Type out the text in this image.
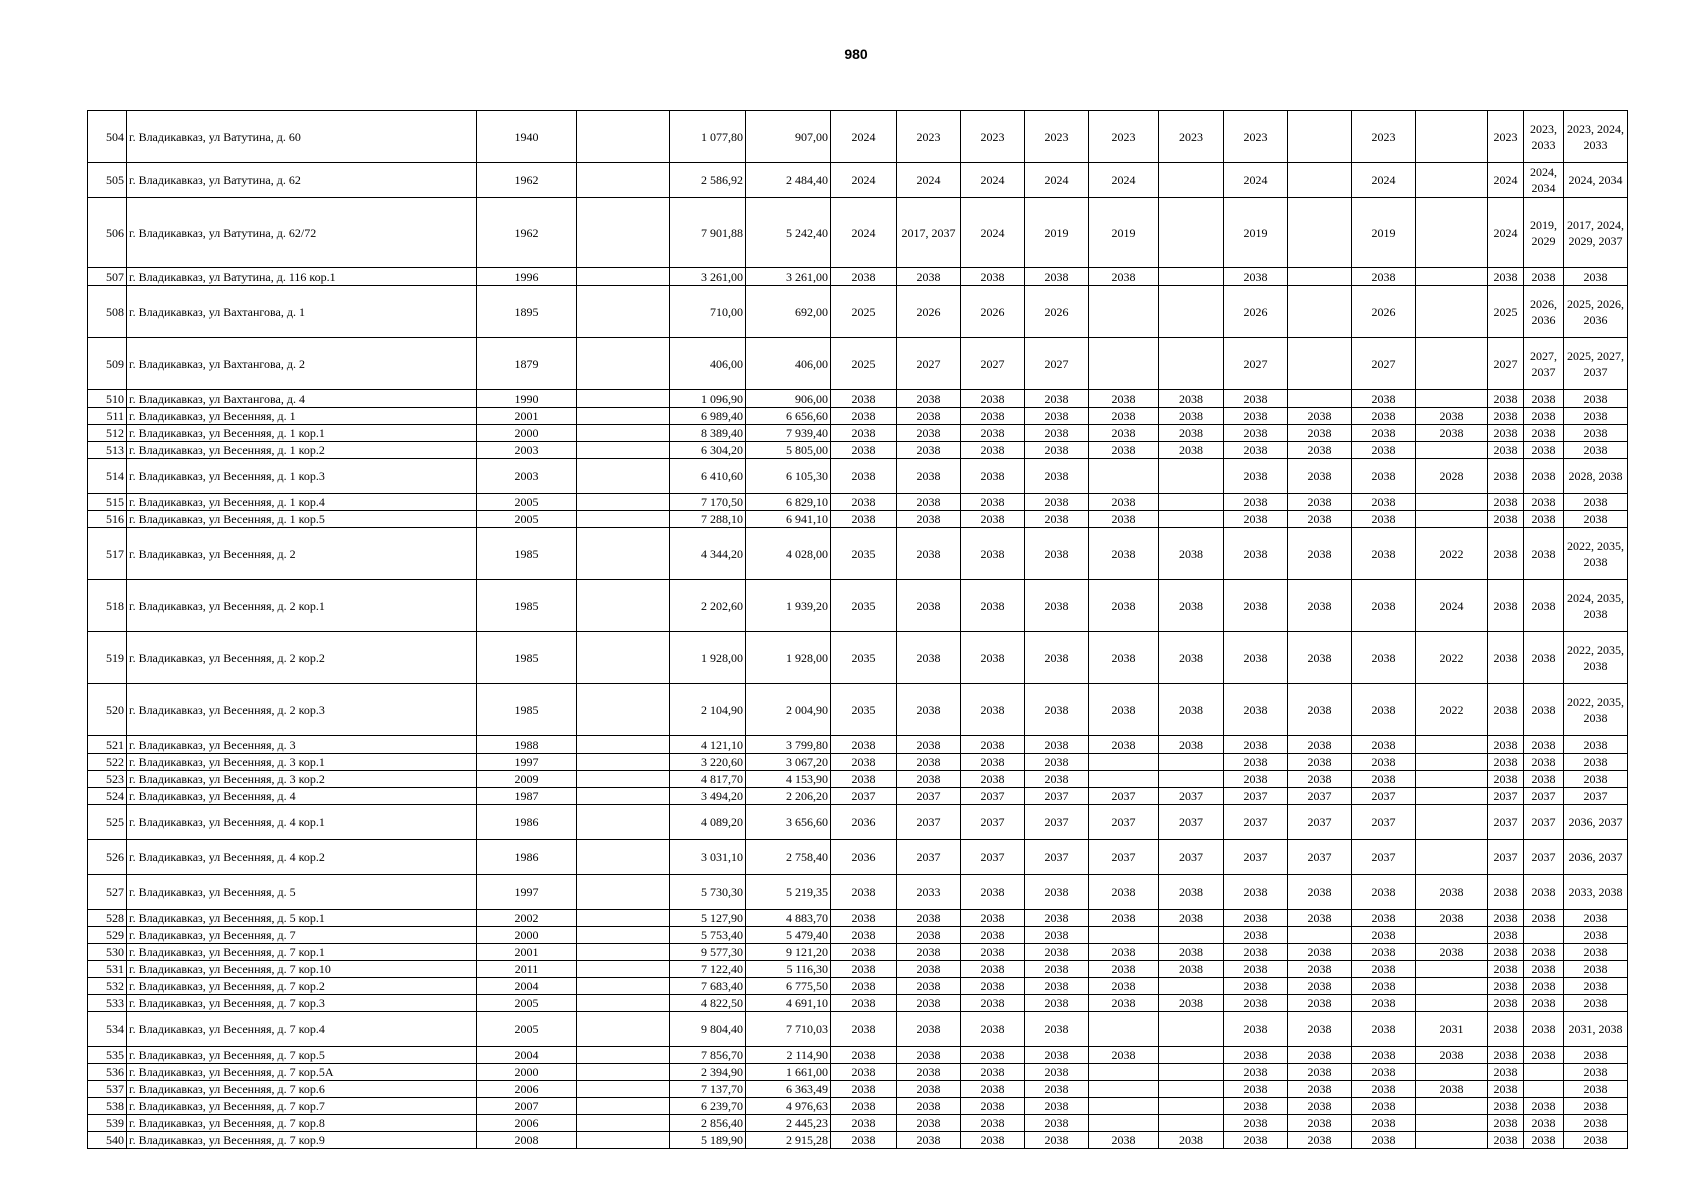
980
504	г. Владикавказ, ул Ватутина, д. 60	1940		1 077,80	907,00	2024	2023	2023	2023	2023	2023	2023		2023		2023	2023, 2033	2023, 2024, 2033
505	г. Владикавказ, ул Ватутина, д. 62	1962		2 586,92	2 484,40	2024	2024	2024	2024	2024		2024		2024		2024	2024, 2034	2024, 2034
506	г. Владикавказ, ул Ватутина, д. 62/72	1962		7 901,88	5 242,40	2024	2017, 2037	2024	2019	2019		2019		2019		2024	2019, 2029	2017, 2024, 2029, 2037
507	г. Владикавказ, ул Ватутина, д. 116 кор.1	1996		3 261,00	3 261,00	2038	2038	2038	2038	2038		2038		2038		2038	2038	2038
508	г. Владикавказ, ул Вахтангова, д. 1	1895		710,00	692,00	2025	2026	2026	2026			2026		2026		2025	2026, 2036	2025, 2026, 2036
509	г. Владикавказ, ул Вахтангова, д. 2	1879		406,00	406,00	2025	2027	2027	2027			2027		2027		2027	2027, 2037	2025, 2027, 2037
510	г. Владикавказ, ул Вахтангова, д. 4	1990		1 096,90	906,00	2038	2038	2038	2038	2038	2038	2038		2038		2038	2038	2038
511	г. Владикавказ, ул Весенняя, д. 1	2001		6 989,40	6 656,60	2038	2038	2038	2038	2038	2038	2038	2038	2038	2038	2038	2038	2038
512	г. Владикавказ, ул Весенняя, д. 1 кор.1	2000		8 389,40	7 939,40	2038	2038	2038	2038	2038	2038	2038	2038	2038	2038	2038	2038	2038
513	г. Владикавказ, ул Весенняя, д. 1 кор.2	2003		6 304,20	5 805,00	2038	2038	2038	2038	2038	2038	2038	2038	2038		2038	2038	2038
514	г. Владикавказ, ул Весенняя, д. 1 кор.3	2003		6 410,60	6 105,30	2038	2038	2038	2038			2038	2038	2038	2028	2038	2038	2028, 2038
515	г. Владикавказ, ул Весенняя, д. 1 кор.4	2005		7 170,50	6 829,10	2038	2038	2038	2038	2038		2038	2038	2038		2038	2038	2038
516	г. Владикавказ, ул Весенняя, д. 1 кор.5	2005		7 288,10	6 941,10	2038	2038	2038	2038	2038		2038	2038	2038		2038	2038	2038
517	г. Владикавказ, ул Весенняя, д. 2	1985		4 344,20	4 028,00	2035	2038	2038	2038	2038	2038	2038	2038	2038	2022	2038	2038	2022, 2035, 2038
518	г. Владикавказ, ул Весенняя, д. 2 кор.1	1985		2 202,60	1 939,20	2035	2038	2038	2038	2038	2038	2038	2038	2038	2024	2038	2038	2024, 2035, 2038
519	г. Владикавказ, ул Весенняя, д. 2 кор.2	1985		1 928,00	1 928,00	2035	2038	2038	2038	2038	2038	2038	2038	2038	2022	2038	2038	2022, 2035, 2038
520	г. Владикавказ, ул Весенняя, д. 2 кор.3	1985		2 104,90	2 004,90	2035	2038	2038	2038	2038	2038	2038	2038	2038	2022	2038	2038	2022, 2035, 2038
521	г. Владикавказ, ул Весенняя, д. 3	1988		4 121,10	3 799,80	2038	2038	2038	2038	2038	2038	2038	2038	2038		2038	2038	2038
522	г. Владикавказ, ул Весенняя, д. 3 кор.1	1997		3 220,60	3 067,20	2038	2038	2038	2038			2038	2038	2038		2038	2038	2038
523	г. Владикавказ, ул Весенняя, д. 3 кор.2	2009		4 817,70	4 153,90	2038	2038	2038	2038			2038	2038	2038		2038	2038	2038
524	г. Владикавказ, ул Весенняя, д. 4	1987		3 494,20	2 206,20	2037	2037	2037	2037	2037	2037	2037	2037	2037		2037	2037	2037
525	г. Владикавказ, ул Весенняя, д. 4 кор.1	1986		4 089,20	3 656,60	2036	2037	2037	2037	2037	2037	2037	2037	2037		2037	2037	2036, 2037
526	г. Владикавказ, ул Весенняя, д. 4 кор.2	1986		3 031,10	2 758,40	2036	2037	2037	2037	2037	2037	2037	2037	2037		2037	2037	2036, 2037
527	г. Владикавказ, ул Весенняя, д. 5	1997		5 730,30	5 219,35	2038	2033	2038	2038	2038	2038	2038	2038	2038	2038	2038	2038	2033, 2038
528	г. Владикавказ, ул Весенняя, д. 5 кор.1	2002		5 127,90	4 883,70	2038	2038	2038	2038	2038	2038	2038	2038	2038	2038	2038	2038	2038
529	г. Владикавказ, ул Весенняя, д. 7	2000		5 753,40	5 479,40	2038	2038	2038	2038			2038		2038		2038		2038
530	г. Владикавказ, ул Весенняя, д. 7 кор.1	2001		9 577,30	9 121,20	2038	2038	2038	2038	2038	2038	2038	2038	2038	2038	2038	2038	2038
531	г. Владикавказ, ул Весенняя, д. 7 кор.10	2011		7 122,40	5 116,30	2038	2038	2038	2038	2038	2038	2038	2038	2038		2038	2038	2038
532	г. Владикавказ, ул Весенняя, д. 7 кор.2	2004		7 683,40	6 775,50	2038	2038	2038	2038	2038		2038	2038	2038		2038	2038	2038
533	г. Владикавказ, ул Весенняя, д. 7 кор.3	2005		4 822,50	4 691,10	2038	2038	2038	2038	2038	2038	2038	2038	2038		2038	2038	2038
534	г. Владикавказ, ул Весенняя, д. 7 кор.4	2005		9 804,40	7 710,03	2038	2038	2038	2038			2038	2038	2038	2031	2038	2038	2031, 2038
535	г. Владикавказ, ул Весенняя, д. 7 кор.5	2004		7 856,70	2 114,90	2038	2038	2038	2038	2038		2038	2038	2038	2038	2038	2038	2038
536	г. Владикавказ, ул Весенняя, д. 7 кор.5А	2000		2 394,90	1 661,00	2038	2038	2038	2038			2038	2038	2038		2038		2038
537	г. Владикавказ, ул Весенняя, д. 7 кор.6	2006		7 137,70	6 363,49	2038	2038	2038	2038			2038	2038	2038	2038	2038		2038
538	г. Владикавказ, ул Весенняя, д. 7 кор.7	2007		6 239,70	4 976,63	2038	2038	2038	2038			2038	2038	2038		2038	2038	2038
539	г. Владикавказ, ул Весенняя, д. 7 кор.8	2006		2 856,40	2 445,23	2038	2038	2038	2038			2038	2038	2038		2038	2038	2038
540	г. Владикавказ, ул Весенняя, д. 7 кор.9	2008		5 189,90	2 915,28	2038	2038	2038	2038	2038	2038	2038	2038	2038		2038	2038	2038
